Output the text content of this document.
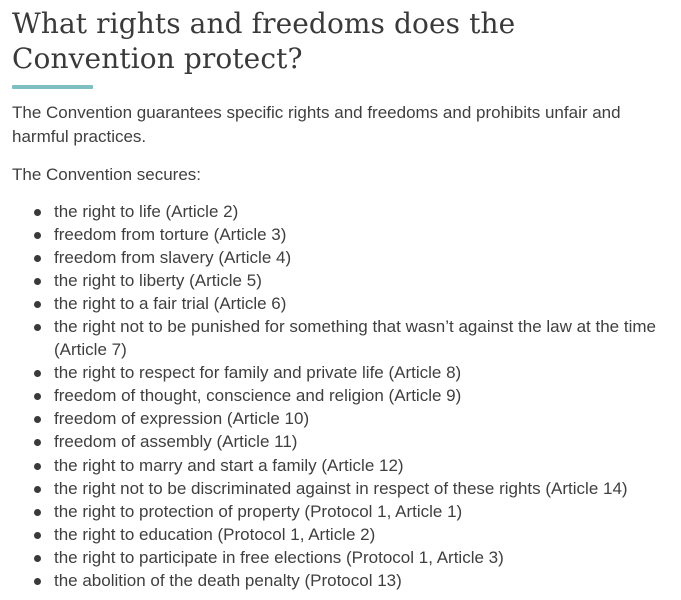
What rights and freedoms does the Convention protect?

The Convention guarantees specific rights and freedoms and prohibits unfair and harmful practices.

The Convention secures:

the right to life (Article 2)
freedom from torture (Article 3)
freedom from slavery (Article 4)
the right to liberty (Article 5)
the right to a fair trial (Article 6)
the right not to be punished for something that wasn’t against the law at the time (Article 7)
the right to respect for family and private life (Article 8)
freedom of thought, conscience and religion (Article 9)
freedom of expression (Article 10)
freedom of assembly (Article 11)
the right to marry and start a family (Article 12)
the right not to be discriminated against in respect of these rights (Article 14)
the right to protection of property (Protocol 1, Article 1)
the right to education (Protocol 1, Article 2)
the right to participate in free elections (Protocol 1, Article 3)
the abolition of the death penalty (Protocol 13)
